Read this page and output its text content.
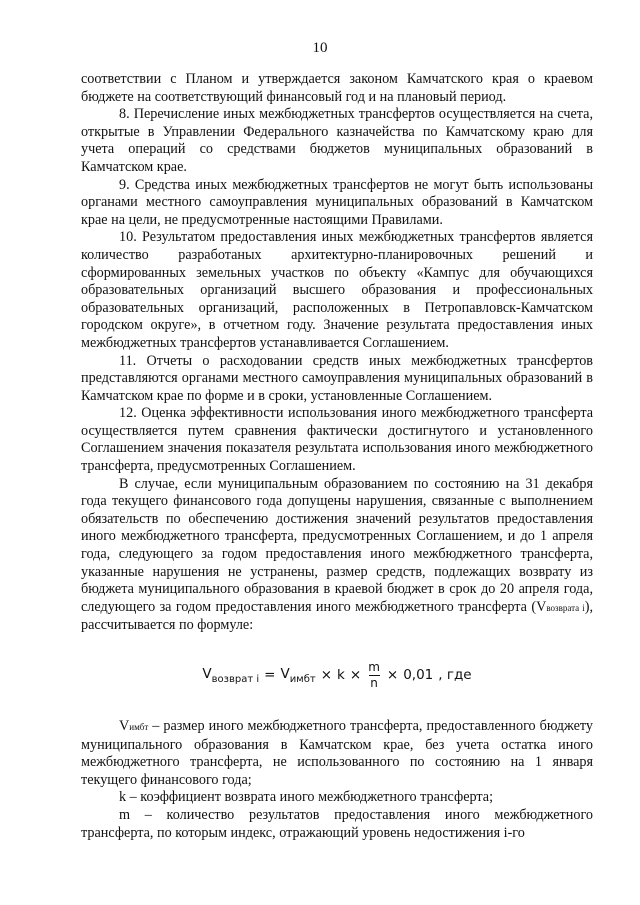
10

соответствии с Планом и утверждается законом Камчатского края о краевом бюджете на соответствующий финансовый год и на плановый период.

8. Перечисление иных межбюджетных трансфертов осуществляется на счета, открытые в Управлении Федерального казначейства по Камчатскому краю для учета операций со средствами бюджетов муниципальных образований в Камчатском крае.

9. Средства иных межбюджетных трансфертов не могут быть использованы органами местного самоуправления муниципальных образований в Камчатском крае на цели, не предусмотренные настоящими Правилами.

10. Результатом предоставления иных межбюджетных трансфертов является количество разработаных архитектурно-планировочных решений и сформированных земельных участков по объекту «Кампус для обучающихся образовательных организаций высшего образования и профессиональных образовательных организаций, расположенных в Петропавловск-Камчатском городском округе», в отчетном году. Значение результата предоставления иных межбюджетных трансфертов устанавливается Соглашением.

11. Отчеты о расходовании средств иных межбюджетных трансфертов представляются органами местного самоуправления муниципальных образований в Камчатском крае по форме и в сроки, установленные Соглашением.

12. Оценка эффективности использования иного межбюджетного трансферта осуществляется путем сравнения фактически достигнутого и установленного Соглашением значения показателя результата использования иного межбюджетного трансферта, предусмотренных Соглашением.

В случае, если муниципальным образованием по состоянию на 31 декабря года текущего финансового года допущены нарушения, связанные с выполнением обязательств по обеспечению достижения значений результатов предоставления иного межбюджетного трансферта, предусмотренных Соглашением, и до 1 апреля года, следующего за годом предоставления иного межбюджетного трансферта, указанные нарушения не устранены, размер средств, подлежащих возврату из бюджета муниципального образования в краевой бюджет в срок до 20 апреля года, следующего за годом предоставления иного межбюджетного трансферта (Vвозврата i), рассчитывается по формуле:

$V_{возврат i} = V_{имбт} \times k \times \frac{m}{n} \times 0,01$ , где

Vимбт – размер иного межбюджетного трансферта, предоставленного бюджету муниципального образования в Камчатском крае, без учета остатка иного межбюджетного трансферта, не использованного по состоянию на 1 января текущего финансового года;

k – коэффициент возврата иного межбюджетного трансферта;

m – количество результатов предоставления иного межбюджетного трансферта, по которым индекс, отражающий уровень недостижения i-го
